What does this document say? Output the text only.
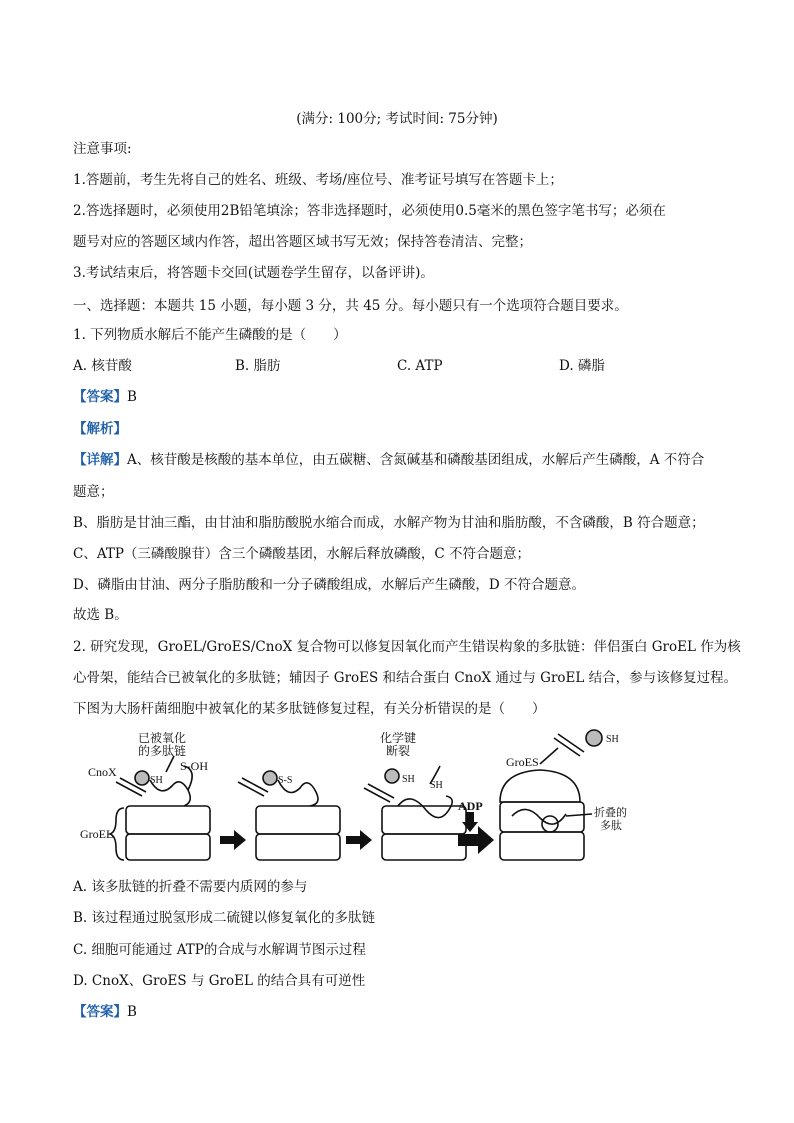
(满分: 100分; 考试时间: 75分钟)
注意事项:
1.答题前，考生先将自己的姓名、班级、考场/座位号、准考证号填写在答题卡上；
2.答选择题时，必须使用2B铅笔填涂；答非选择题时，必须使用0.5毫米的黑色签字笔书写；必须在
题号对应的答题区域内作答，超出答题区域书写无效；保持答卷清洁、完整；
3.考试结束后，将答题卡交回(试题卷学生留存，以备评讲)。
一、选择题：本题共 15 小题，每小题 3 分，共 45 分。每小题只有一个选项符合题目要求。
1. 下列物质水解后不能产生磷酸的是（　　）
A. 核苷酸	B. 脂肪	C. ATP	D. 磷脂
【答案】B
【解析】
【详解】A、核苷酸是核酸的基本单位，由五碳糖、含氮碱基和磷酸基团组成，水解后产生磷酸，A 不符合
题意；
B、脂肪是甘油三酯，由甘油和脂肪酸脱水缩合而成，水解产物为甘油和脂肪酸，不含磷酸，B 符合题意；
C、ATP（三磷酸腺苷）含三个磷酸基团，水解后释放磷酸，C 不符合题意；
D、磷脂由甘油、两分子脂肪酸和一分子磷酸组成，水解后产生磷酸，D 不符合题意。
故选 B。
2. 研究发现，GroEL/GroES/CnoX 复合物可以修复因氧化而产生错误构象的多肽链：伴侣蛋白 GroEL 作为核
心骨架，能结合已被氧化的多肽链；辅因子 GroES 和结合蛋白 CnoX 通过与 GroEL 结合，参与该修复过程。
下图为大肠杆菌细胞中被氧化的某多肽链修复过程，有关分析错误的是（　　）
已被氧化
的多肽链
S-OH
CnoX
SH	S-S
GroEL
化学键
断裂
SH
SH
ADP
GroES
SH
折叠的
多肽
A. 该多肽链的折叠不需要内质网的参与
B. 该过程通过脱氢形成二硫键以修复氧化的多肽链
C. 细胞可能通过 ATP的合成与水解调节图示过程
D. CnoX、GroES 与 GroEL 的结合具有可逆性
【答案】B
